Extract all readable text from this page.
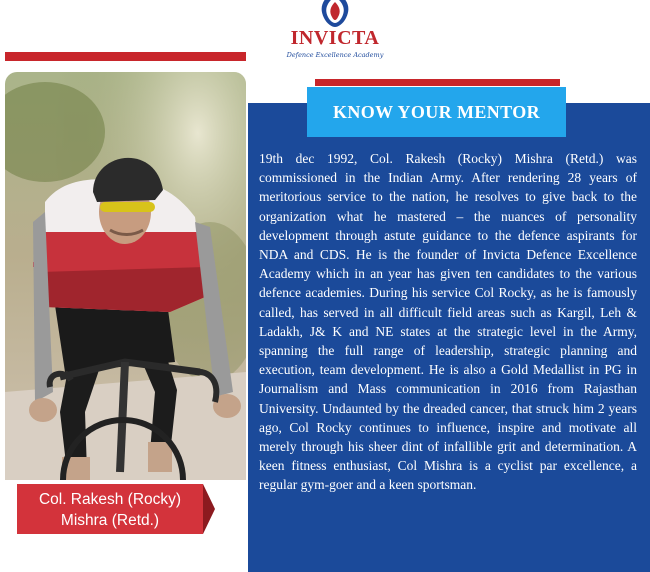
INVICTA
Defence Excellence Academy
Col. Rakesh (Rocky)
Mishra (Retd.)
KNOW YOUR MENTOR

19th dec 1992, Col. Rakesh (Rocky) Mishra (Retd.) was commissioned in the Indian Army. After rendering 28 years of meritorious service to the nation, he resolves to give back to the organization what he mastered – the nuances of personality development through astute guidance to the defence aspirants for NDA and CDS. He is the founder of Invicta Defence Excellence Academy which in an year has given ten candidates to the various defence academies. During his service Col Rocky, as he is famously called, has served in all difficult field areas such as Kargil, Leh & Ladakh, J& K and NE states at the strategic level in the Army, spanning the full range of leadership, strategic planning and execution, team development. He is also a Gold Medallist in PG in Journalism and Mass communication in 2016 from Rajasthan University. Undaunted by the dreaded cancer, that struck him 2 years ago, Col Rocky continues to influence, inspire and motivate all merely through his sheer dint of infallible grit and determination. A keen fitness enthusiast, Col Mishra is a cyclist par excellence, a regular gym-goer and a keen sportsman.
